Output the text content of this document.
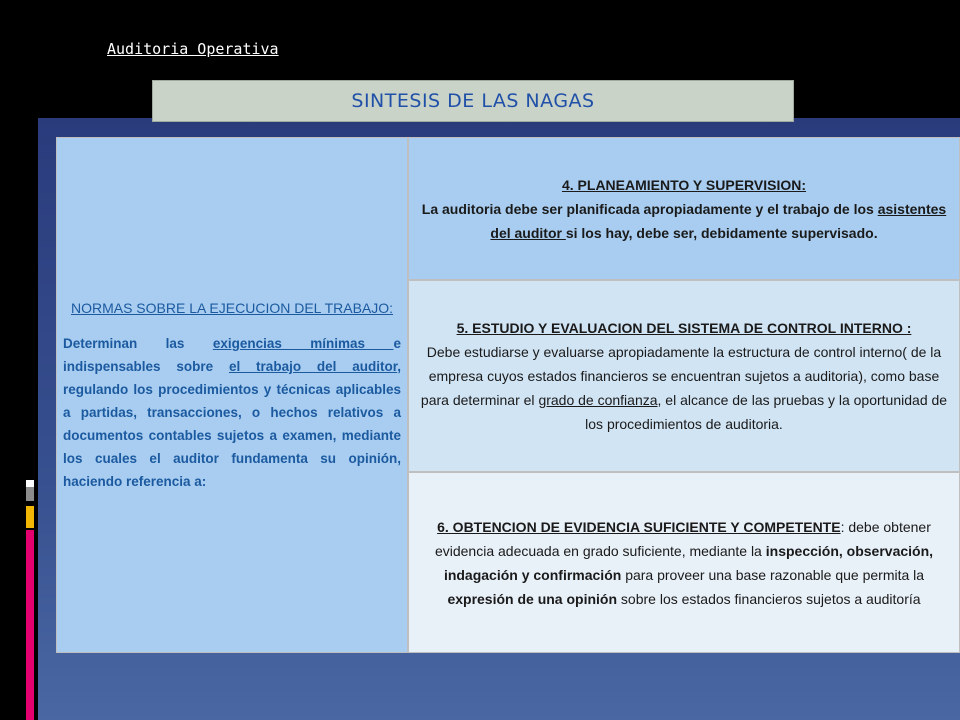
Auditoria Operativa
SINTESIS DE LAS NAGAS
NORMAS SOBRE LA EJECUCION DEL TRABAJO:
Determinan las exigencias mínimas e indispensables sobre el trabajo del auditor, regulando los procedimientos y técnicas aplicables a partidas, transacciones, o hechos relativos a documentos contables sujetos a examen, mediante los cuales el auditor fundamenta su opinión, haciendo referencia a:
4. PLANEAMIENTO Y SUPERVISION:
La auditoria debe ser planificada apropiadamente y el trabajo de los asistentes del auditor si los hay, debe ser, debidamente supervisado.
5. ESTUDIO Y EVALUACION DEL SISTEMA DE CONTROL INTERNO :
Debe estudiarse y evaluarse apropiadamente la estructura de control interno( de la empresa cuyos estados financieros se encuentran sujetos a auditoria), como base para determinar el grado de confianza, el alcance de las pruebas y la oportunidad de los procedimientos de auditoria.
6. OBTENCION DE EVIDENCIA SUFICIENTE Y COMPETENTE: debe obtener evidencia adecuada en grado suficiente, mediante la inspección, observación, indagación y confirmación para proveer una base razonable que permita la expresión de una opinión sobre los estados financieros sujetos a auditoría
